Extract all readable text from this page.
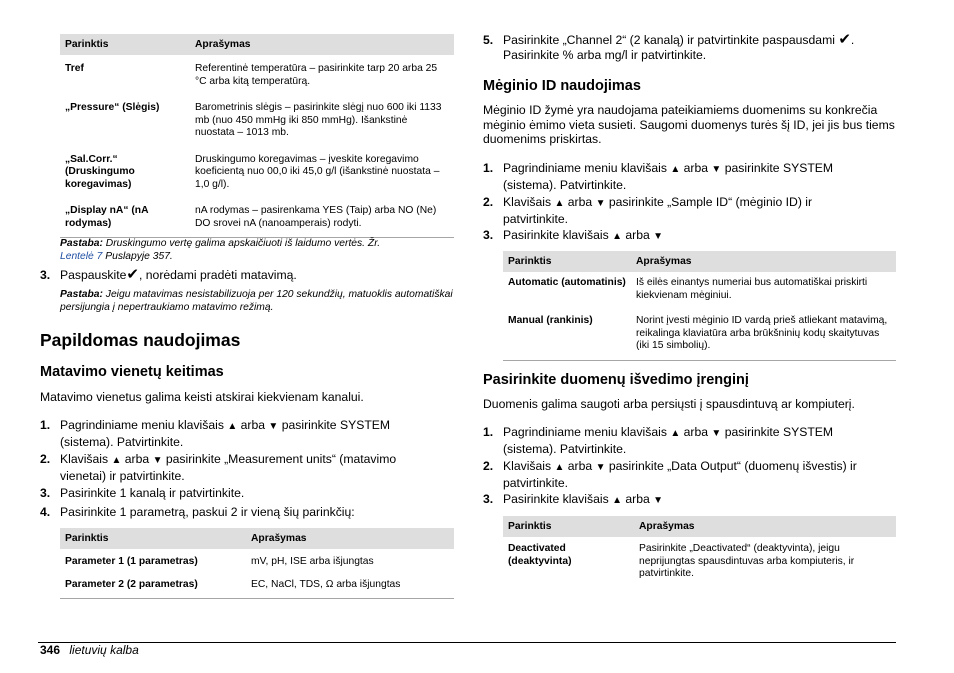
Parinktis	Aprašymas
Tref	Referentinė temperatūra – pasirinkite tarp 20 arba 25 °C arba kitą temperatūrą.
„Pressure“ (Slėgis)	Barometrinis slėgis – pasirinkite slėgį nuo 600 iki 1133 mb (nuo 450 mmHg iki 850 mmHg). Išankstinė nuostata – 1013 mb.
„Sal.Corr.“ (Druskingumo koregavimas)	Druskingumo koregavimas – įveskite koregavimo koeficientą nuo 00,0 iki 45,0 g/l (išankstinė nuostata – 1,0 g/l).
„Display nA“ (nA rodymas)	nA rodymas – pasirenkama YES (Taip) arba NO (Ne) DO srovei nA (nanoamperais) rodyti.
Pastaba: Druskingumo vertę galima apskaičiuoti iš laidumo vertės. Žr.
Lentelė 7 Puslapyje 357.
3. Paspauskite✔, norėdami pradėti matavimą.
Pastaba: Jeigu matavimas nesistabilizuoja per 120 sekundžių, matuoklis automatiškai persijungia į nepertraukiamo matavimo režimą.
Papildomas naudojimas
Matavimo vienetų keitimas
Matavimo vienetus galima keisti atskirai kiekvienam kanalui.
1. Pagrindiniame meniu klavišais ▲ arba ▼ pasirinkite SYSTEM
(sistema). Patvirtinkite.
2. Klavišais ▲ arba ▼ pasirinkite „Measurement units“ (matavimo
vienetai) ir patvirtinkite.
3. Pasirinkite 1 kanalą ir patvirtinkite.
4. Pasirinkite 1 parametrą, paskui 2 ir vieną šių parinkčių:
Parinktis	Aprašymas
Parameter 1 (1 parametras)	mV, pH, ISE arba išjungtas
Parameter 2 (2 parametras)	EC, NaCl, TDS, Ω arba išjungtas
5. Pasirinkite „Channel 2“ (2 kanalą) ir patvirtinkite paspausdami ✔.
Pasirinkite % arba mg/l ir patvirtinkite.
Mėginio ID naudojimas
Mėginio ID žymė yra naudojama pateikiamiems duomenims su konkrečia mėginio ėmimo vieta susieti. Saugomi duomenys turės šį ID, jei jis bus tiems duomenims priskirtas.
1. Pagrindiniame meniu klavišais ▲ arba ▼ pasirinkite SYSTEM
(sistema). Patvirtinkite.
2. Klavišais ▲ arba ▼ pasirinkite „Sample ID“ (mėginio ID) ir
patvirtinkite.
3. Pasirinkite klavišais ▲ arba ▼
Parinktis	Aprašymas
Automatic (automatinis)	Iš eilės einantys numeriai bus automatiškai priskirti kiekvienam mėginiui.
Manual (rankinis)	Norint įvesti mėginio ID vardą prieš atliekant matavimą, reikalinga klaviatūra arba brūkšninių kodų skaitytuvas (iki 15 simbolių).
Pasirinkite duomenų išvedimo įrenginį
Duomenis galima saugoti arba persiųsti į spausdintuvą ar kompiuterį.
1. Pagrindiniame meniu klavišais ▲ arba ▼ pasirinkite SYSTEM
(sistema). Patvirtinkite.
2. Klavišais ▲ arba ▼ pasirinkite „Data Output“ (duomenų išvestis) ir
patvirtinkite.
3. Pasirinkite klavišais ▲ arba ▼
Parinktis	Aprašymas
Deactivated (deaktyvinta)	Pasirinkite „Deactivated“ (deaktyvinta), jeigu neprijungtas spausdintuvas arba kompiuteris, ir patvirtinkite.
346 lietuvių kalba
